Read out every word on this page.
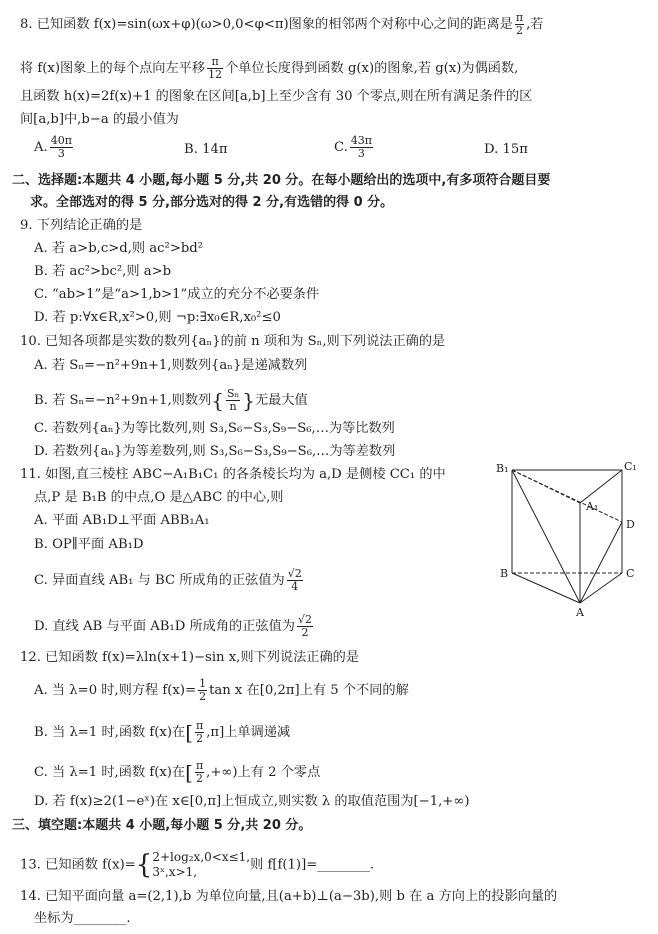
8. 已知函数 f(x)=sin(ωx+φ)(ω>0,0<φ<π)图象的相邻两个对称中心之间的距离是 $\frac{\pi}{2}$ ,若
将 f(x)图象上的每个点向左平移 $\frac{\pi}{12}$ 个单位长度得到函数 g(x)的图象,若 g(x)为偶函数,
且函数 h(x)=2f(x)+1 的图象在区间[a,b]上至少含有 30 个零点,则在所有满足条件的区
间[a,b]中,b−a 的最小值为
A. $\frac{40\pi}{3}$	B. 14π	C. $\frac{43\pi}{3}$	D. 15π
二、选择题:本题共 4 小题,每小题 5 分,共 20 分。在每小题给出的选项中,有多项符合题目要
求。全部选对的得 5 分,部分选对的得 2 分,有选错的得 0 分。
9. 下列结论正确的是
A. 若 a>b,c>d,则 ac²>bd²
B. 若 ac²>bc²,则 a>b
C. “ab>1”是“a>1,b>1”成立的充分不必要条件
D. 若 p:∀x∈R,x²>0,则 ¬p:∃x₀∈R,x₀²≤0
10. 已知各项都是实数的数列{aₙ}的前 n 项和为 Sₙ,则下列说法正确的是
A. 若 Sₙ=−n²+9n+1,则数列{aₙ}是递减数列
B. 若 Sₙ=−n²+9n+1,则数列{ $\frac{\text{Sₙ}}{n}$ }无最大值
C. 若数列{aₙ}为等比数列,则 S₃,S₆−S₃,S₉−S₆,…为等比数列
D. 若数列{aₙ}为等差数列,则 S₃,S₆−S₃,S₉−S₆,…为等差数列
11. 如图,直三棱柱 ABC−A₁B₁C₁ 的各条棱长均为 a,D 是侧棱 CC₁ 的中
点,P 是 B₁B 的中点,O 是△ABC 的中心,则
A. 平面 AB₁D⊥平面 ABB₁A₁
B. OP∥平面 AB₁D
C. 异面直线 AB₁ 与 BC 所成角的正弦值为 $\frac{√2}{4}$
D. 直线 AB 与平面 AB₁D 所成角的正弦值为 $\frac{√2}{2}$
B₁	C₁
A₁
D
B	C
A
12. 已知函数 f(x)=λln(x+1)−sin x,则下列说法正确的是
A. 当 λ=0 时,则方程 $f(x)= \frac{1}{2}$ tan x 在[0,2π]上有 5 个不同的解
B. 当 λ=1 时,函数 f(x)在[ $\frac{\pi}{2} ,\pi$]上单调递减
C. 当 λ=1 时,函数 f(x)在[ $\frac{\pi}{2}$ ,+∞)上有 2 个零点
D. 若 f(x)≥2(1−eˣ)在 x∈[0,π]上恒成立,则实数 λ 的取值范围为[−1,+∞)
三、填空题:本题共 4 小题,每小题 5 分,共 20 分。
13. 已知函数 f(x)={ 2+log₂x,0<x≤1,
3ˣ,x>1,	则 f[f(1)]=________.
14. 已知平面向量 a=(2,1),b 为单位向量,且(a+b)⊥(a−3b),则 b 在 a 方向上的投影向量的
坐标为________.
